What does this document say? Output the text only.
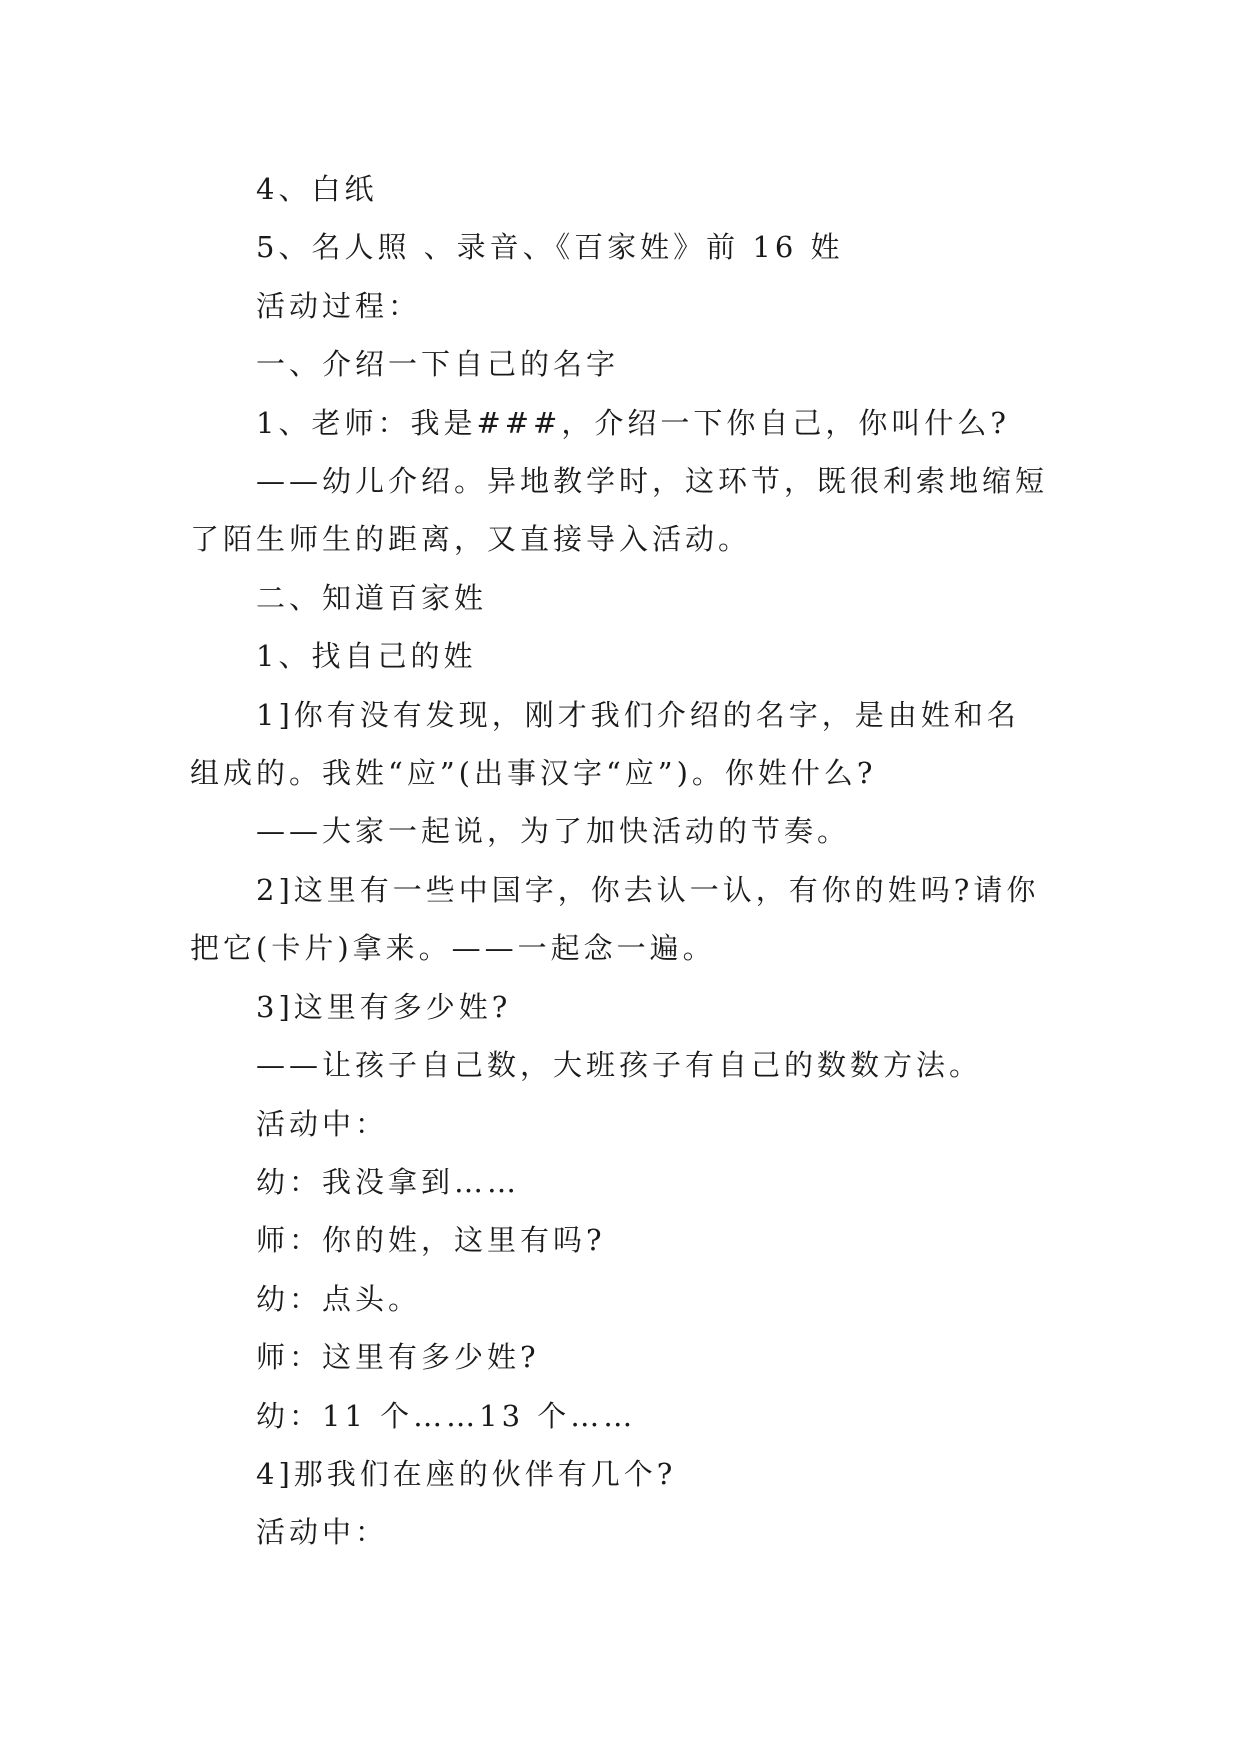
4、白纸

5、名人照 、录音、《百家姓》前 16 姓

活动过程：

一、介绍一下自己的名字

1、老师：我是###，介绍一下你自己，你叫什么?

——幼儿介绍。异地教学时，这环节，既很利索地缩短了陌生师生的距离，又直接导入活动。

二、知道百家姓

1、找自己的姓

1]你有没有发现，刚才我们介绍的名字，是由姓和名组成的。我姓“应”(出事汉字“应”)。你姓什么?

——大家一起说，为了加快活动的节奏。

2]这里有一些中国字，你去认一认，有你的姓吗?请你把它(卡片)拿来。——一起念一遍。

3]这里有多少姓?

——让孩子自己数，大班孩子有自己的数数方法。

活动中：

幼：我没拿到……

师：你的姓，这里有吗?

幼：点头。

师：这里有多少姓?

幼：11 个……13 个……

4]那我们在座的伙伴有几个?

活动中：
